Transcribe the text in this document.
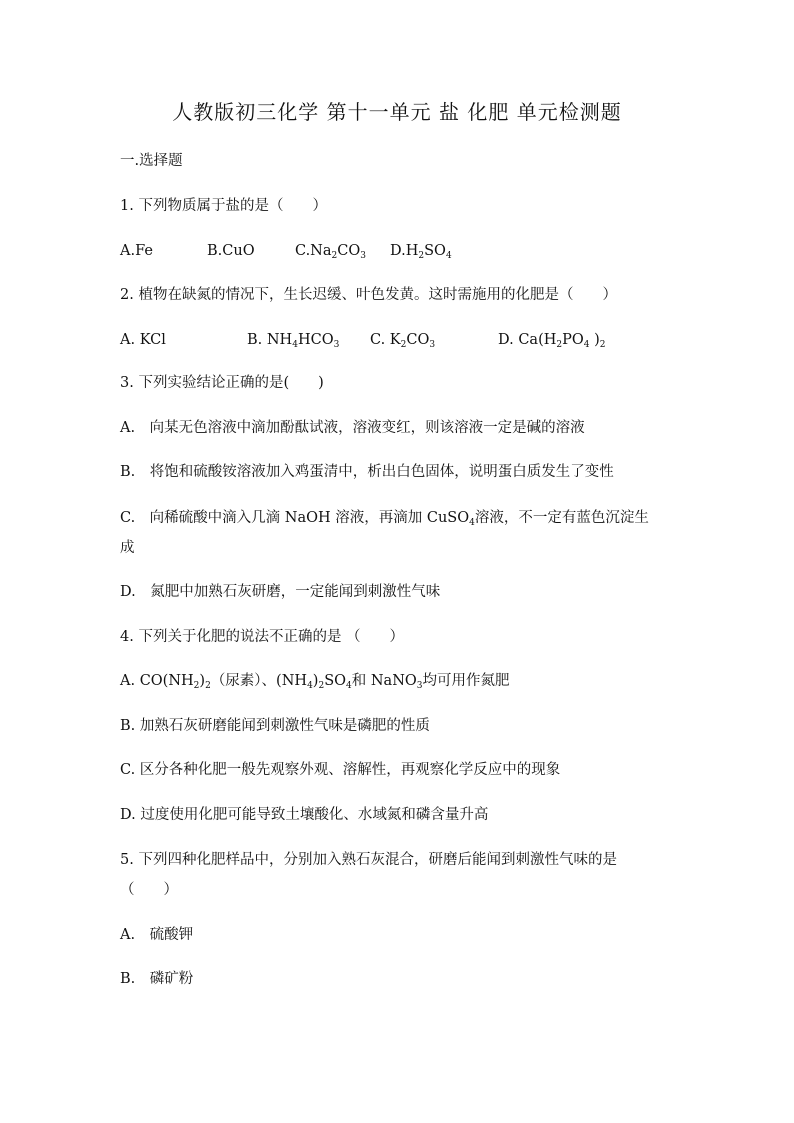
人教版初三化学 第十一单元 盐 化肥 单元检测题
一.选择题
1. 下列物质属于盐的是（　　）
A.Fe	B.CuO	$C.Na_2CO_3$ $D.H_2SO_4$
2. 植物在缺氮的情况下，生长迟缓、叶色发黄。这时需施用的化肥是（　　）
A. KCl	B. $NH_4HCO_3$ C. $K_2CO_3$	D. $Ca(H_2PO_4$ )$_2$
3. 下列实验结论正确的是(　　)
A.　向某无色溶液中滴加酚酞试液，溶液变红，则该溶液一定是碱的溶液
B.　将饱和硫酸铵溶液加入鸡蛋清中，析出白色固体，说明蛋白质发生了变性
C.　向稀硫酸中滴入几滴 NaOH 溶液，再滴加 CuSO$_4$溶液，不一定有蓝色沉淀生
成
D.　氮肥中加熟石灰研磨，一定能闻到刺激性气味
4. 下列关于化肥的说法不正确的是 （　　）
A. $CO(NH_2)_2$（尿素）、$(NH_4)_2SO_4$和 NaNO$_3$均可用作氮肥
B. 加熟石灰研磨能闻到刺激性气味是磷肥的性质
C. 区分各种化肥一般先观察外观、溶解性，再观察化学反应中的现象
D. 过度使用化肥可能导致土壤酸化、水域氮和磷含量升高
5. 下列四种化肥样品中，分别加入熟石灰混合，研磨后能闻到刺激性气味的是
（　　）
A.　硫酸钾
B.　磷矿粉
